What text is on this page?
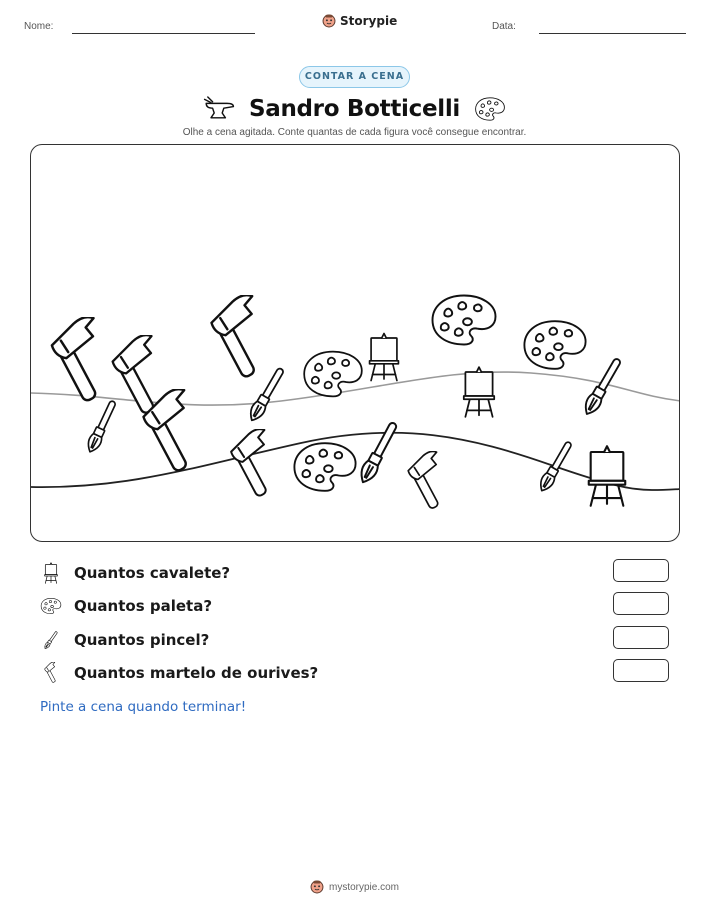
Nome:	Storypie	Data:
CONTAR A CENA
Sandro Botticelli
Olhe a cena agitada. Conte quantas de cada figura você consegue encontrar.
Quantos cavalete?
Quantos paleta?
Quantos pincel?
Quantos martelo de ourives?
Pinte a cena quando terminar!
mystorypie.com
